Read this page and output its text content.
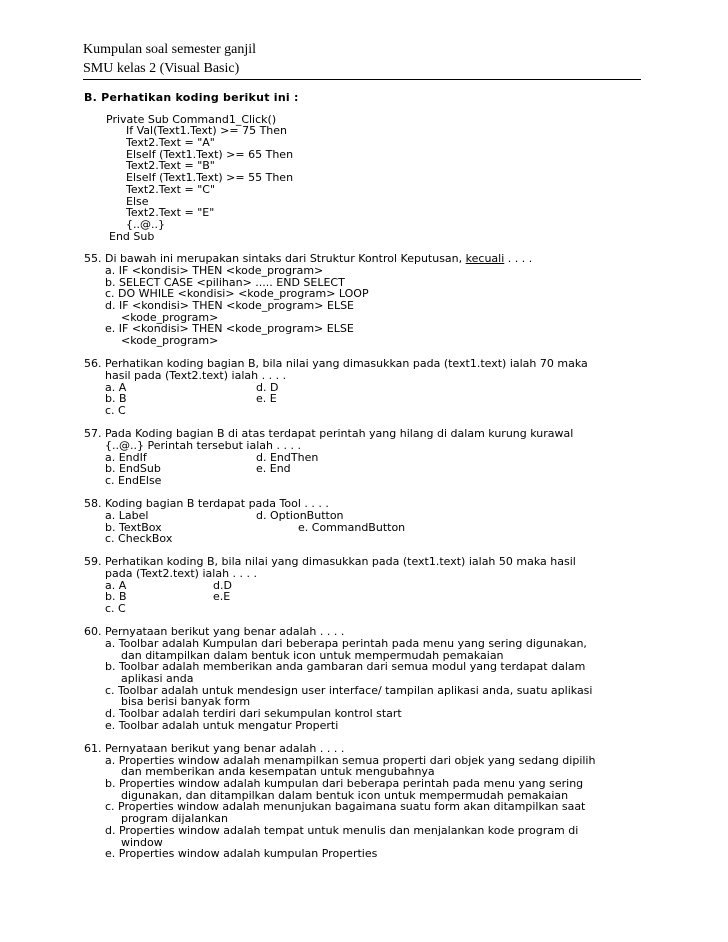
Kumpulan soal semester ganjil
SMU kelas 2 (Visual Basic)
B. Perhatikan koding berikut ini :
Private Sub Command1_Click()
If Val(Text1.Text) >= 75 Then
Text2.Text = "A"
ElseIf (Text1.Text) >= 65 Then
Text2.Text = "B"
ElseIf (Text1.Text) >= 55 Then
Text2.Text = "C"
Else
Text2.Text = "E"
{..@..}
End Sub
55. Di bawah ini merupakan sintaks dari Struktur Kontrol Keputusan, kecuali . . . .
a. IF <kondisi> THEN <kode_program>
b. SELECT CASE <pilihan> ..... END SELECT
c. DO WHILE <kondisi> <kode_program> LOOP
d. IF <kondisi> THEN <kode_program> ELSE
<kode_program>
e. IF <kondisi> THEN <kode_program> ELSE
<kode_program>
56. Perhatikan koding bagian B, bila nilai yang dimasukkan pada (text1.text) ialah 70 maka
hasil pada (Text2.text) ialah . . . .
a. A	d. D
b. B	e. E
c. C
57. Pada Koding bagian B di atas terdapat perintah yang hilang di dalam kurung kurawal
{..@..} Perintah tersebut ialah . . . .
a. EndIf	d. EndThen
b. EndSub	e. End
c. EndElse
58. Koding bagian B terdapat pada Tool . . . .
a. Label	d. OptionButton
b. TextBox	e. CommandButton
c. CheckBox
59. Perhatikan koding B, bila nilai yang dimasukkan pada (text1.text) ialah 50 maka hasil
pada (Text2.text) ialah . . . .
a. A	d.D
b. B	e.E
c. C
60. Pernyataan berikut yang benar adalah . . . .
a. Toolbar adalah Kumpulan dari beberapa perintah pada menu yang sering digunakan,
dan ditampilkan dalam bentuk icon untuk mempermudah pemakaian
b. Toolbar adalah memberikan anda gambaran dari semua modul yang terdapat dalam
aplikasi anda
c. Toolbar adalah untuk mendesign user interface/ tampilan aplikasi anda, suatu aplikasi
bisa berisi banyak form
d. Toolbar adalah terdiri dari sekumpulan kontrol start
e. Toolbar adalah untuk mengatur Properti
61. Pernyataan berikut yang benar adalah . . . .
a. Properties window adalah menampilkan semua properti dari objek yang sedang dipilih
dan memberikan anda kesempatan untuk mengubahnya
b. Properties window adalah kumpulan dari beberapa perintah pada menu yang sering
digunakan, dan ditampilkan dalam bentuk icon untuk mempermudah pemakaian
c. Properties window adalah menunjukan bagaimana suatu form akan ditampilkan saat
program dijalankan
d. Properties window adalah tempat untuk menulis dan menjalankan kode program di
window
e. Properties window adalah kumpulan Properties
